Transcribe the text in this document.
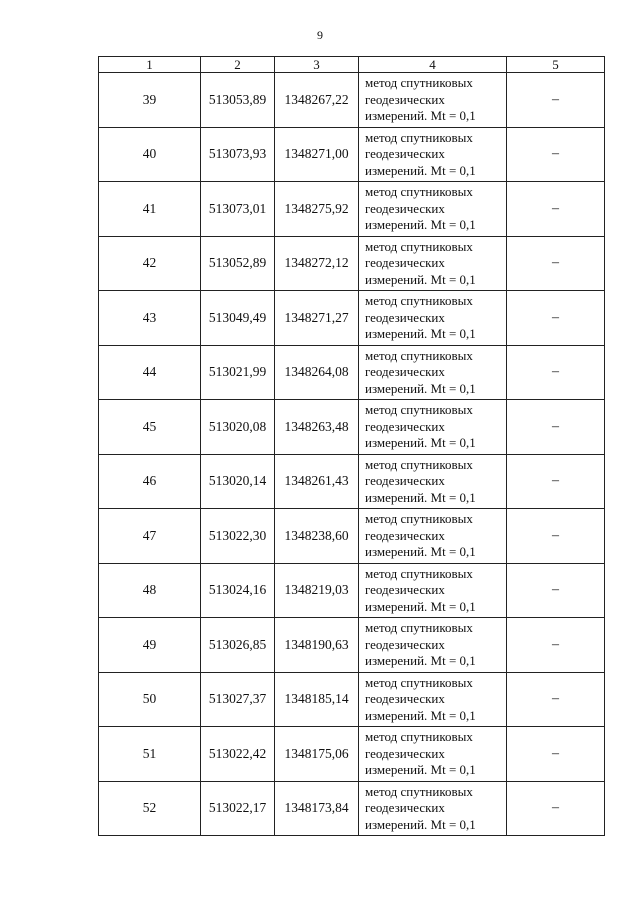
9
1	2	3	4	5
39	513053,89	1348267,22	метод спутниковых
геодезических
измерений. Mt = 0,1	–
40	513073,93	1348271,00	метод спутниковых
геодезических
измерений. Mt = 0,1	–
41	513073,01	1348275,92	метод спутниковых
геодезических
измерений. Mt = 0,1	–
42	513052,89	1348272,12	метод спутниковых
геодезических
измерений. Mt = 0,1	–
43	513049,49	1348271,27	метод спутниковых
геодезических
измерений. Mt = 0,1	–
44	513021,99	1348264,08	метод спутниковых
геодезических
измерений. Mt = 0,1	–
45	513020,08	1348263,48	метод спутниковых
геодезических
измерений. Mt = 0,1	–
46	513020,14	1348261,43	метод спутниковых
геодезических
измерений. Mt = 0,1	–
47	513022,30	1348238,60	метод спутниковых
геодезических
измерений. Mt = 0,1	–
48	513024,16	1348219,03	метод спутниковых
геодезических
измерений. Mt = 0,1	–
49	513026,85	1348190,63	метод спутниковых
геодезических
измерений. Mt = 0,1	–
50	513027,37	1348185,14	метод спутниковых
геодезических
измерений. Mt = 0,1	–
51	513022,42	1348175,06	метод спутниковых
геодезических
измерений. Mt = 0,1	–
52	513022,17	1348173,84	метод спутниковых
геодезических
измерений. Mt = 0,1	–
